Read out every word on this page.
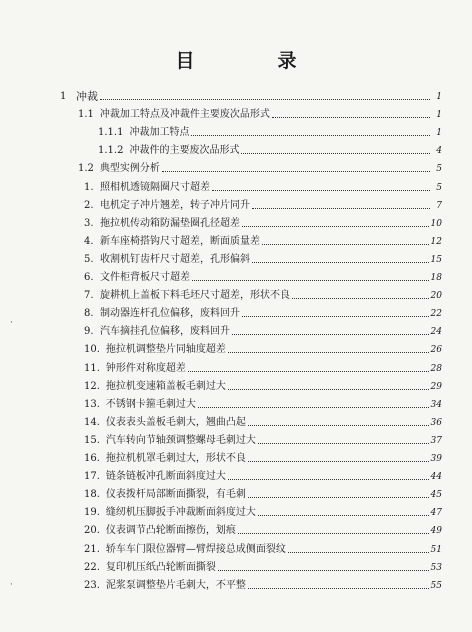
目　录
1 冲裁	1
1.1 冲裁加工特点及冲裁件主要废次品形式	1
1.1.1 冲裁加工特点	1
1.1.2 冲裁件的主要废次品形式	4
1.2 典型实例分析	5
1. 照相机透镜隔圈尺寸超差	5
2. 电机定子冲片翘差，转子冲片同升	7
3. 拖拉机传动箱防漏垫圈孔径超差	10
4. 新车座椅搭钩尺寸超差，断面质量差	12
5. 收割机钉齿杆尺寸超差，孔形偏斜	15
6. 文件柜背板尺寸超差	18
7. 旋耕机上盖板下料毛坯尺寸超差，形状不良	20
8. 制动器连杆孔位偏移，废料回升	22
9. 汽车摘挂孔位偏移，废料回升	24
10. 拖拉机调整垫片同轴度超差	26
11. 钟形件对称度超差	28
12. 拖拉机变速箱盖板毛刺过大	29
13. 不锈钢卡箍毛刺过大	34
14. 仪表表头盖板毛刺大，翘曲凸起	36
15. 汽车转向节轴颈调整螺母毛刺过大	37
16. 拖拉机机罩毛刺过大，形状不良	39
17. 链条链板冲孔断面斜度过大	44
18. 仪表拨杆局部断面撕裂，有毛刺	45
19. 缝纫机压脚扳手冲裁断面斜度过大	47
20. 仪表调节凸轮断面擦伤，划痕	49
21. 轿车车门限位器臂—臂焊接总成侧面裂纹	51
22. 复印机压纸凸轮断面撕裂	53
23. 泥浆泵调整垫片毛刺大，不平整	55
·
·
